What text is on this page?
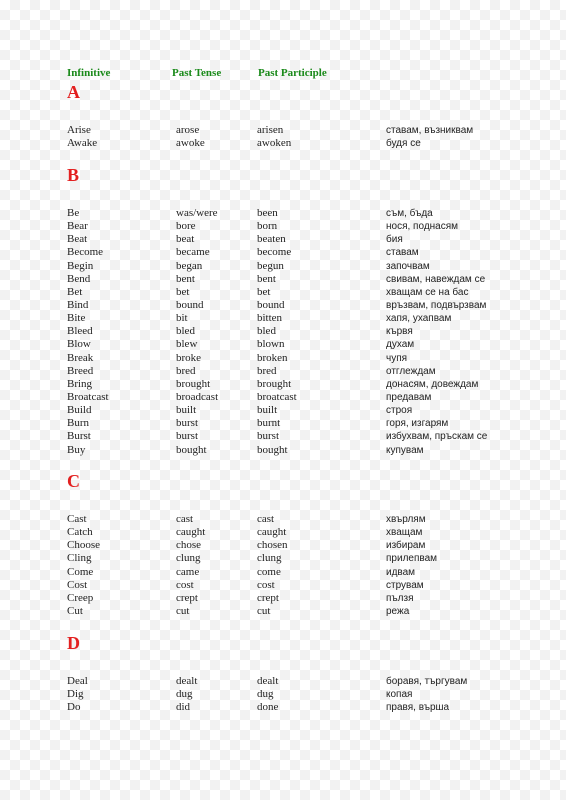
Infinitive	Past Tense	Past Participle
A
Arise	arose	arisen	ставам, възниквам
Awake	awoke	awoken	будя се
B
Be	was/were	been	съм, бъда
Bear	bore	born	нося, поднасям
Beat	beat	beaten	бия
Become	became	become	ставам
Begin	began	begun	започвам
Bend	bent	bent	свивам, навеждам се
Bet	bet	bet	хващам се на бас
Bind	bound	bound	връзвам, подвързвам
Bite	bit	bitten	хапя, ухапвам
Bleed	bled	bled	кървя
Blow	blew	blown	духам
Break	broke	broken	чупя
Breed	bred	bred	отглеждам
Bring	brought	brought	донасям, довеждам
Broatcast	broadcast	broatcast	предавам
Build	built	built	строя
Burn	burst	burnt	горя, изгарям
Burst	burst	burst	избухвам, пръскам се
Buy	bought	bought	купувам
C
Cast	cast	cast	хвърлям
Catch	caught	caught	хващам
Choose	chose	chosen	избирам
Cling	clung	clung	прилепвам
Come	came	come	идвам
Cost	cost	cost	струвам
Creep	crept	crept	пълзя
Cut	cut	cut	режа
D
Deal	dealt	dealt	боравя, търгувам
Dig	dug	dug	копая
Do	did	done	правя, върша
